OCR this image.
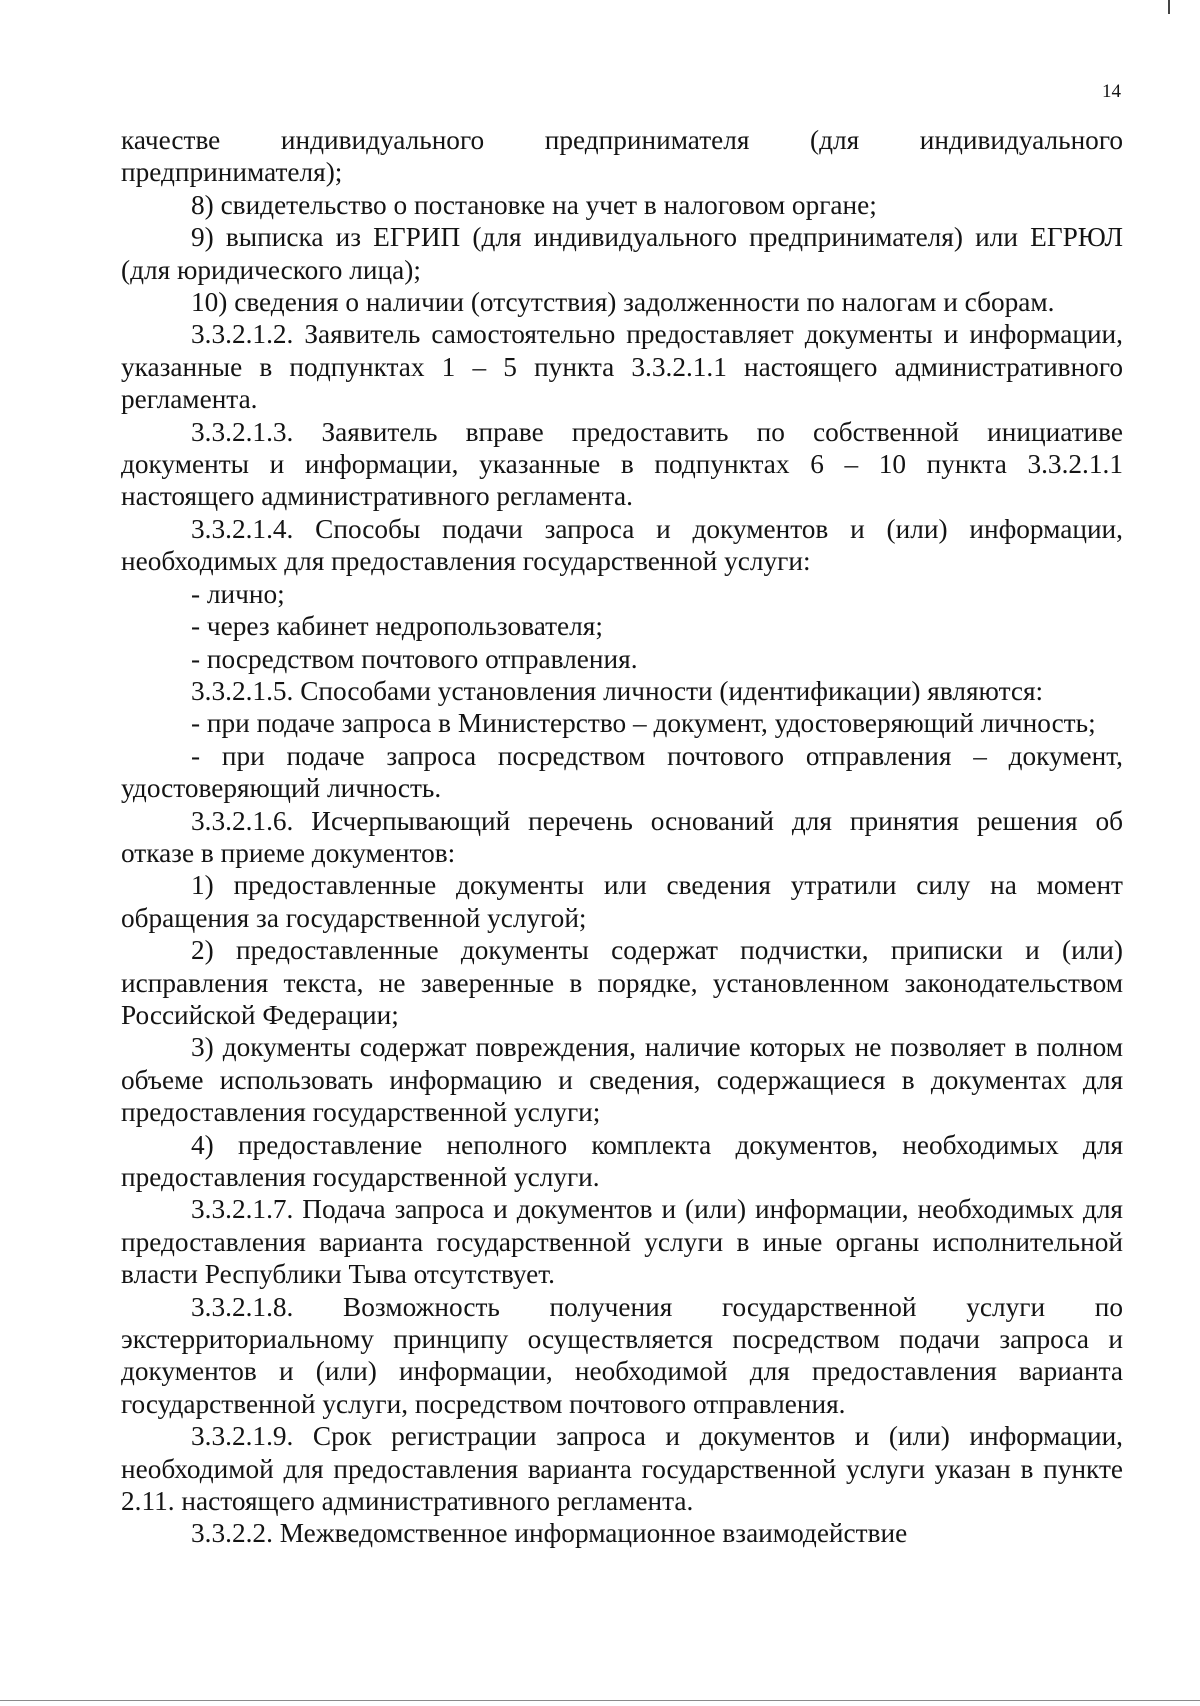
14

качестве индивидуального предпринимателя (для индивидуального предпринимателя);

8) свидетельство о постановке на учет в налоговом органе;

9) выписка из ЕГРИП (для индивидуального предпринимателя) или ЕГРЮЛ (для юридического лица);

10) сведения о наличии (отсутствия) задолженности по налогам и сборам.

3.3.2.1.2. Заявитель самостоятельно предоставляет документы и информации, указанные в подпунктах 1 – 5 пункта 3.3.2.1.1 настоящего административного регламента.

3.3.2.1.3. Заявитель вправе предоставить по собственной инициативе документы и информации, указанные в подпунктах 6 – 10 пункта 3.3.2.1.1 настоящего административного регламента.

3.3.2.1.4. Способы подачи запроса и документов и (или) информации, необходимых для предоставления государственной услуги:

- лично;

- через кабинет недропользователя;

- посредством почтового отправления.

3.3.2.1.5. Способами установления личности (идентификации) являются:

- при подаче запроса в Министерство – документ, удостоверяющий личность;

- при подаче запроса посредством почтового отправления – документ, удостоверяющий личность.

3.3.2.1.6. Исчерпывающий перечень оснований для принятия решения об отказе в приеме документов:

1) предоставленные документы или сведения утратили силу на момент обращения за государственной услугой;

2) предоставленные документы содержат подчистки, приписки и (или) исправления текста, не заверенные в порядке, установленном законодательством Российской Федерации;

3) документы содержат повреждения, наличие которых не позволяет в полном объеме использовать информацию и сведения, содержащиеся в документах для предоставления государственной услуги;

4) предоставление неполного комплекта документов, необходимых для предоставления государственной услуги.

3.3.2.1.7. Подача запроса и документов и (или) информации, необходимых для предоставления варианта государственной услуги в иные органы исполнительной власти Республики Тыва отсутствует.

3.3.2.1.8. Возможность получения государственной услуги по экстерриториальному принципу осуществляется посредством подачи запроса и документов и (или) информации, необходимой для предоставления варианта государственной услуги, посредством почтового отправления.

3.3.2.1.9. Срок регистрации запроса и документов и (или) информации, необходимой для предоставления варианта государственной услуги указан в пункте 2.11. настоящего административного регламента.

3.3.2.2. Межведомственное информационное взаимодействие
